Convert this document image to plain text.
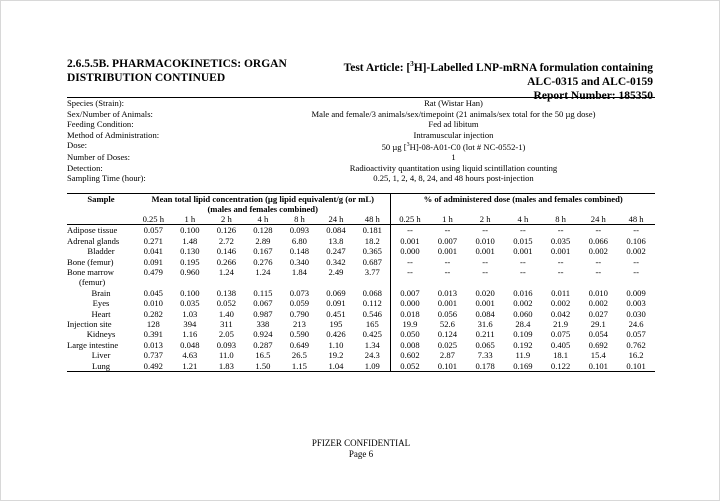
2.6.5.5B. PHARMACOKINETICS: ORGAN
DISTRIBUTION CONTINUED
Test Article: [$^3$H]-Labelled LNP-mRNA formulation containing
ALC-0315 and ALC-0159
Report Number: 185350
Species (Strain):	Rat (Wistar Han)
Sex/Number of Animals:	Male and female/3 animals/sex/timepoint (21 animals/sex total for the 50 µg dose)
Feeding Condition:	Fed ad libitum
Method of Administration:	Intramuscular injection
Dose:	50 µg [$^3$H]-08-A01-C0 (lot # NC-0552-1)
Number of Doses:	1
Detection:	Radioactivity quantitation using liquid scintillation counting
Sampling Time (hour):	0.25, 1, 2, 4, 8, 24, and 48 hours post-injection
Sample	Mean total lipid concentration (µg lipid equivalent/g (or mL)
(males and females combined)							% of administered dose (males and females combined)						
	0.25 h	1 h	2 h	4 h	8 h	24 h	48 h	0.25 h	1 h	2 h	4 h	8 h	24 h	48 h
Adipose tissue	0.057	0.100	0.126	0.128	0.093	0.084	0.181	--	--	--	--	--	--	--
Adrenal glands	0.271	1.48	2.72	2.89	6.80	13.8	18.2	0.001	0.007	0.010	0.015	0.035	0.066	0.106
Bladder	0.041	0.130	0.146	0.167	0.148	0.247	0.365	0.000	0.001	0.001	0.001	0.001	0.002	0.002
Bone (femur)	0.091	0.195	0.266	0.276	0.340	0.342	0.687	--	--	--	--	--	--	--

Bone marrow
(femur)	0.479	0.960	1.24	1.24	1.84	2.49	3.77	--	--	--	--	--	--	--
Brain	0.045	0.100	0.138	0.115	0.073	0.069	0.068	0.007	0.013	0.020	0.016	0.011	0.010	0.009
Eyes	0.010	0.035	0.052	0.067	0.059	0.091	0.112	0.000	0.001	0.001	0.002	0.002	0.002	0.003
Heart	0.282	1.03	1.40	0.987	0.790	0.451	0.546	0.018	0.056	0.084	0.060	0.042	0.027	0.030
Injection site	128	394	311	338	213	195	165	19.9	52.6	31.6	28.4	21.9	29.1	24.6
Kidneys	0.391	1.16	2.05	0.924	0.590	0.426	0.425	0.050	0.124	0.211	0.109	0.075	0.054	0.057
Large intestine	0.013	0.048	0.093	0.287	0.649	1.10	1.34	0.008	0.025	0.065	0.192	0.405	0.692	0.762
Liver	0.737	4.63	11.0	16.5	26.5	19.2	24.3	0.602	2.87	7.33	11.9	18.1	15.4	16.2
Lung	0.492	1.21	1.83	1.50	1.15	1.04	1.09	0.052	0.101	0.178	0.169	0.122	0.101	0.101
PFIZER CONFIDENTIAL
Page 6
